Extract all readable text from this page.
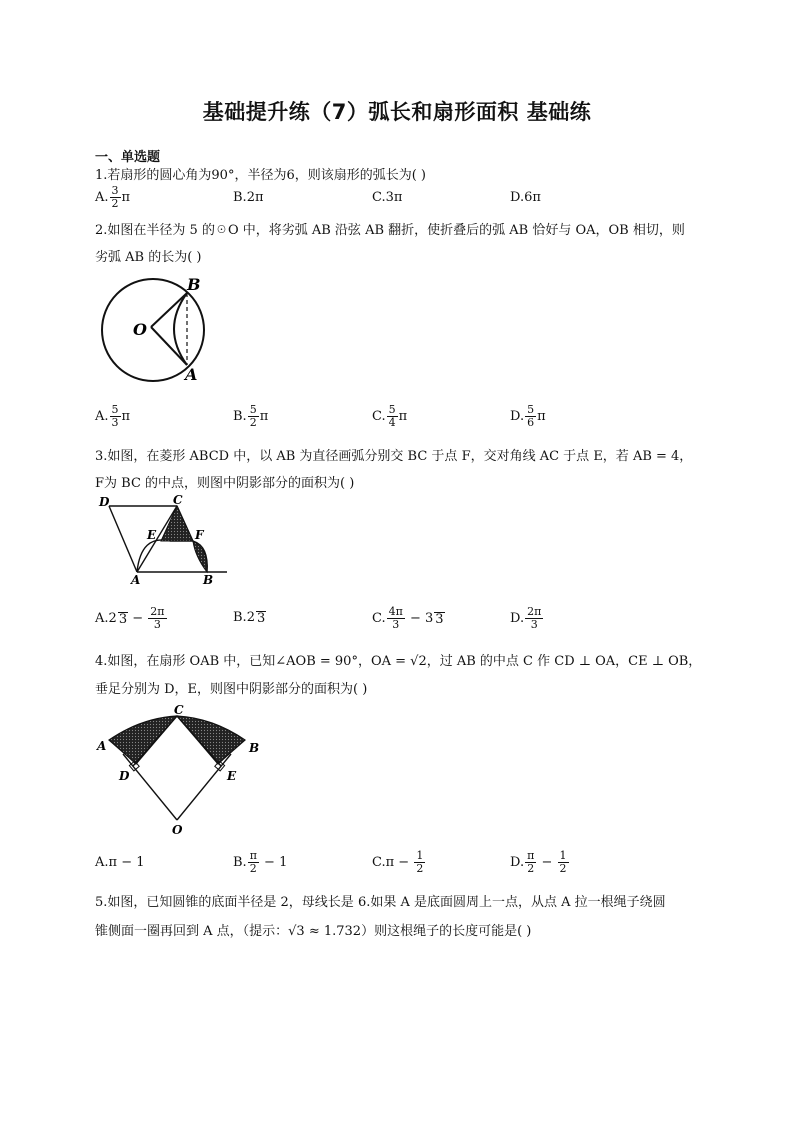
基础提升练（7）弧长和扇形面积 基础练
一、单选题
1.若扇形的圆心角为90°，半径为6，则该扇形的弧长为( )
A. $\frac{3}{2}$ π	B. 2π	C. 3π	D. 6π
2.如图在半径为 5 的☉O 中，将劣弧 AB 沿弦 AB 翻折，使折叠后的弧 AB 恰好与 OA，OB 相切，则
劣弧 AB 的长为( )
O
B
A
A. $\frac{5}{3}$ π	B. $\frac{5}{2}$ π	C. $\frac{5}{4}$ π	D. $\frac{5}{6}$ π
3.如图，在菱形 ABCD 中，以 AB 为直径画弧分别交 BC 于点 F，交对角线 AC 于点 E，若 AB = 4，
F为 BC 的中点，则图中阴影部分的面积为( )
D	C
E	F
A	B
A. 2 $3 - \frac{2\pi}{3}$	B. 2 3	C. $\frac{4\pi}{3} - 3$ 3	D. $\frac{2\pi}{3}$
4.如图，在扇形 OAB 中，已知∠AOB = 90°，OA = √2，过 AB 的中点 C 作 CD ⊥ OA，CE ⊥ OB，
垂足分别为 D，E，则图中阴影部分的面积为( )
C
A	B
D	E
O
A. π − 1	B. $\frac{\pi}{2} - 1$	C. $\pi - \frac{1}{2}$	D. $\frac{\pi}{2} - \frac{1}{2}$
5.如图，已知圆锥的底面半径是 2，母线长是 6.如果 A 是底面圆周上一点，从点 A 拉一根绳子绕圆
锥侧面一圈再回到 A 点，（提示：√3 ≈ 1.732）则这根绳子的长度可能是( )
